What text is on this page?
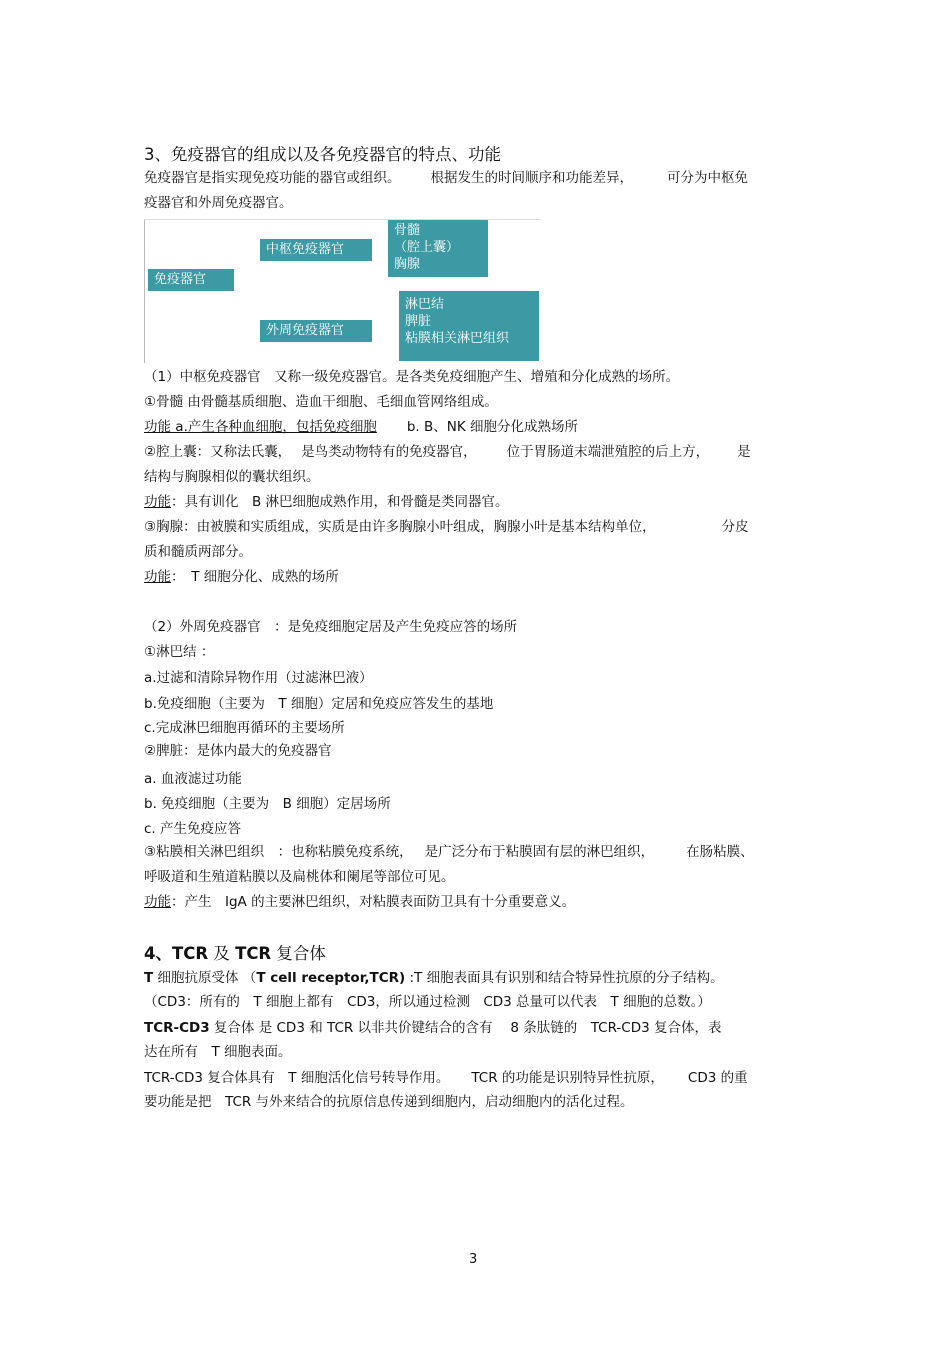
3、免疫器官的组成以及各免疫器官的特点、功能
免疫器官是指实现免疫功能的器官或组织。 根据发生的时间顺序和功能差异，	可分为中枢免
疫器官和外周免疫器官。
免疫器官
中枢免疫器官
外周免疫器官
骨髓
（腔上囊）
胸腺
淋巴结
脾脏
粘膜相关淋巴组织
（1）中枢免疫器官　又称一级免疫器官。是各类免疫细胞产生、增殖和分化成熟的场所。
①骨髓 由骨髓基质细胞、造血干细胞、毛细血管网络组成。
功能 a.产生各种血细胞，包括免疫细胞 b. B、NK 细胞分化成熟场所
②腔上囊：又称法氏囊， 是鸟类动物特有的免疫器官， 位于胃肠道末端泄殖腔的后上方， 是
结构与胸腺相似的囊状组织。
功能：具有训化　B 淋巴细胞成熟作用，和骨髓是类同器官。
③胸腺：由被膜和实质组成，实质是由许多胸腺小叶组成，胸腺小叶是基本结构单位，	分皮
质和髓质两部分。
功能：　T 细胞分化、成熟的场所
（2）外周免疫器官　：是免疫细胞定居及产生免疫应答的场所
①淋巴结 ：
a.过滤和清除异物作用（过滤淋巴液）
b.免疫细胞（主要为　T 细胞）定居和免疫应答发生的基地
c.完成淋巴细胞再循环的主要场所
②脾脏：是体内最大的免疫器官
a. 血液滤过功能
b. 免疫细胞（主要为　B 细胞）定居场所
c. 产生免疫应答
③粘膜相关淋巴组织　：也称粘膜免疫系统， 是广泛分布于粘膜固有层的淋巴组织， 在肠粘膜、
呼吸道和生殖道粘膜以及扁桃体和阑尾等部位可见。
功能：产生　IgA 的主要淋巴组织，对粘膜表面防卫具有十分重要意义。
4、TCR 及 TCR 复合体
T 细胞抗原受体 （T cell receptor,TCR) :T 细胞表面具有识别和结合特异性抗原的分子结构。
（CD3：所有的　T 细胞上都有　CD3，所以通过检测　CD3 总量可以代表　T 细胞的总数。）
TCR-CD3 复合体 是 CD3 和 TCR 以非共价键结合的含有　 8 条肽链的　TCR-CD3 复合体，表
达在所有　T 细胞表面。
TCR-CD3 复合体具有　T 细胞活化信号转导作用。 TCR 的功能是识别特异性抗原， CD3 的重
要功能是把　TCR 与外来结合的抗原信息传递到细胞内，启动细胞内的活化过程。
3
